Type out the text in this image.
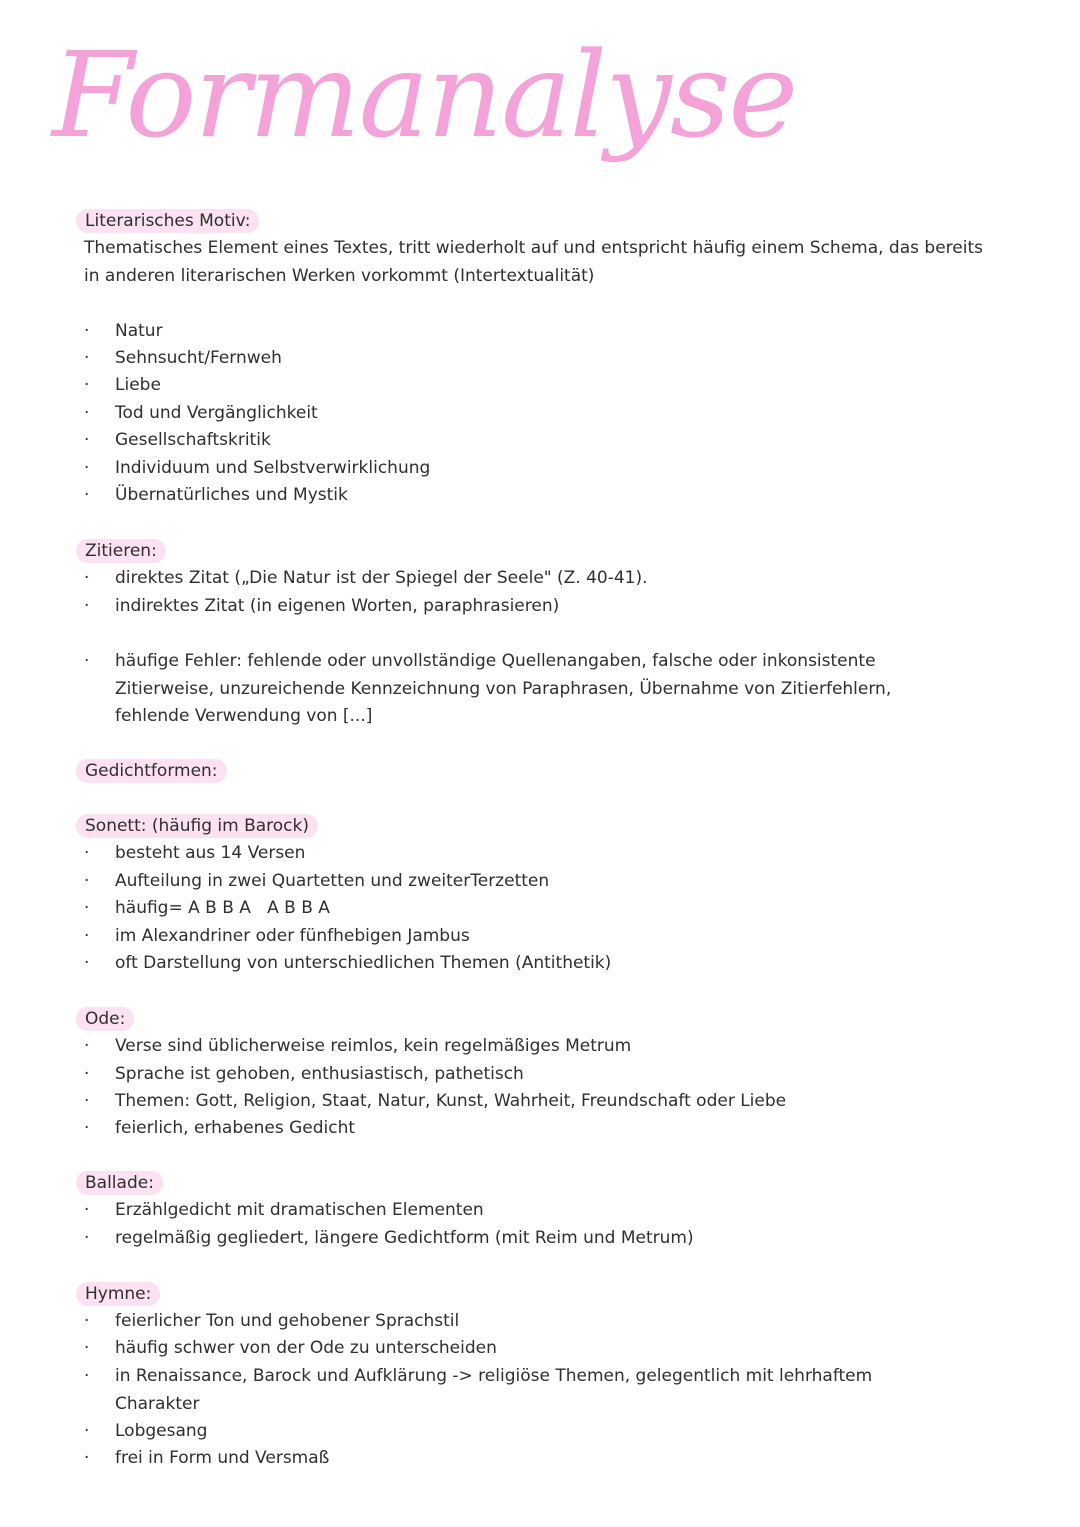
Formanalyse
Literarisches Motiv:

Thematisches Element eines Textes, tritt wiederholt auf und entspricht häufig einem Schema, das bereits in anderen literarischen Werken vorkommt (Intertextualität)

·	Natur
·	Sehnsucht/Fernweh
·	Liebe
·	Tod und Vergänglichkeit
·	Gesellschaftskritik
·	Individuum und Selbstverwirklichung
·	Übernatürliches und Mystik
Zitieren:
·	direktes Zitat („Die Natur ist der Spiegel der Seele" (Z. 40-41).
·	indirektes Zitat (in eigenen Worten, paraphrasieren)
·	häufige Fehler: fehlende oder unvollständige Quellenangaben, falsche oder inkonsistente Zitierweise, unzureichende Kennzeichnung von Paraphrasen, Übernahme von Zitierfehlern, fehlende Verwendung von [...]
Gedichtformen:
Sonett: (häufig im Barock)
·	besteht aus 14 Versen
·	Aufteilung in zwei Quartetten und zweiterTerzetten
·	häufig= A B B A   A B B A
·	im Alexandriner oder fünfhebigen Jambus
·	oft Darstellung von unterschiedlichen Themen (Antithetik)
Ode:
·	Verse sind üblicherweise reimlos, kein regelmäßiges Metrum
·	Sprache ist gehoben, enthusiastisch, pathetisch
·	Themen: Gott, Religion, Staat, Natur, Kunst, Wahrheit, Freundschaft oder Liebe
·	feierlich, erhabenes Gedicht
Ballade:
·	Erzählgedicht mit dramatischen Elementen
·	regelmäßig gegliedert, längere Gedichtform (mit Reim und Metrum)
Hymne:
·	feierlicher Ton und gehobener Sprachstil
·	häufig schwer von der Ode zu unterscheiden
·	in Renaissance, Barock und Aufklärung -> religiöse Themen, gelegentlich mit lehrhaftem Charakter
·	Lobgesang
·	frei in Form und Versmaß
